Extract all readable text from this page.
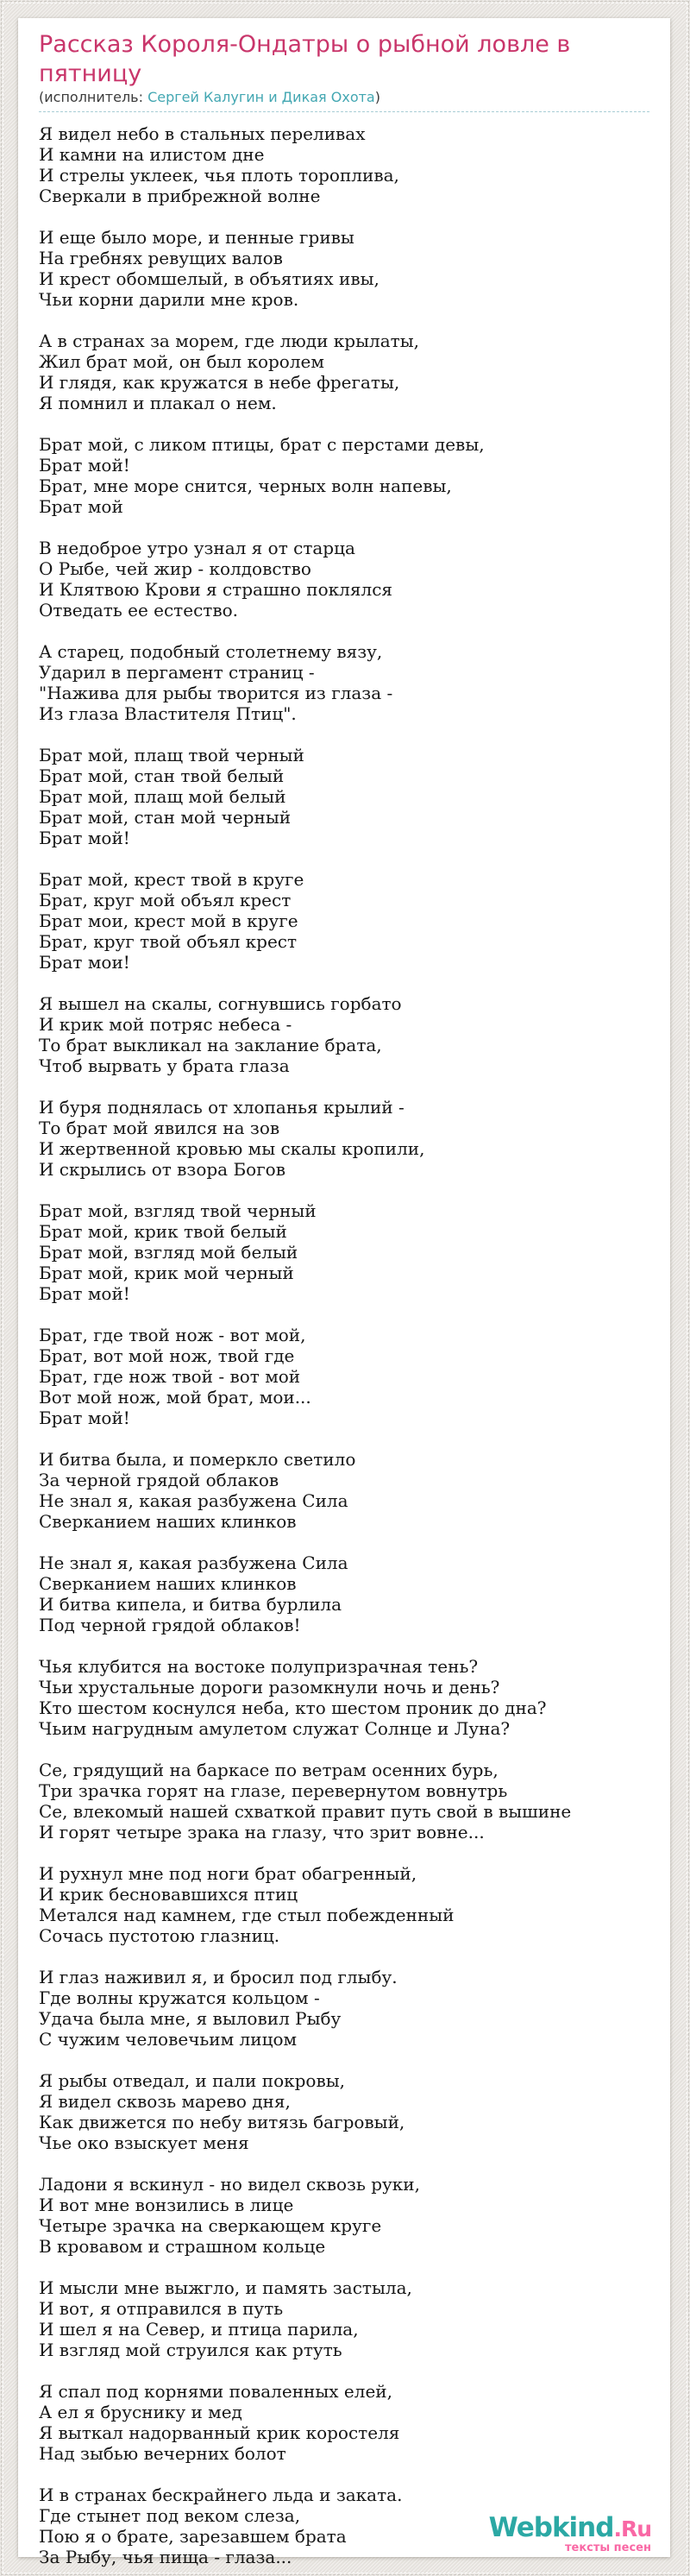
Рассказ Короля-Ондатры о рыбной ловле в пятницу
(исполнитель: Сергей Калугин и Дикая Охота)
Я видел небо в стальных переливах
И камни на илистом дне
И стрелы уклеек, чья плоть тороплива,
Сверкали в прибрежной волне
И еще было море, и пенные гривы
На гребнях ревущих валов
И крест обомшелый, в объятиях ивы,
Чьи корни дарили мне кров.
А в странах за морем, где люди крылаты,
Жил брат мой, он был королем
И глядя, как кружатся в небе фрегаты,
Я помнил и плакал о нем.
Брат мой, с ликом птицы, брат с перстами девы,
Брат мой!
Брат, мне море снится, черных волн напевы,
Брат мой
В недоброе утро узнал я от старца
О Рыбе, чей жир - колдовство
И Клятвою Крови я страшно поклялся
Отведать ее естество.
А старец, подобный столетнему вязу,
Ударил в пергамент страниц -
"Нажива для рыбы творится из глаза -
Из глаза Властителя Птиц".
Брат мой, плащ твой черный
Брат мой, стан твой белый
Брат мой, плащ мой белый
Брат мой, стан мой черный
Брат мой!
Брат мой, крест твой в круге
Брат, круг мой объял крест
Брат мои, крест мой в круге
Брат, круг твой объял крест
Брат мои!
Я вышел на скалы, согнувшись горбато
И крик мой потряс небеса -
То брат выкликал на заклание брата,
Чтоб вырвать у брата глаза
И буря поднялась от хлопанья крылий -
То брат мой явился на зов
И жертвенной кровью мы скалы кропили,
И скрылись от взора Богов
Брат мой, взгляд твой черный
Брат мой, крик твой белый
Брат мой, взгляд мой белый
Брат мой, крик мой черный
Брат мой!
Брат, где твой нож - вот мой,
Брат, вот мой нож, твой где
Брат, где нож твой - вот мой
Вот мой нож, мой брат, мои...
Брат мой!
И битва была, и померкло светило
За черной грядой облаков
Не знал я, какая разбужена Сила
Сверканием наших клинков
Не знал я, какая разбужена Сила
Сверканием наших клинков
И битва кипела, и битва бурлила
Под черной грядой облаков!
Чья клубится на востоке полупризрачная тень?
Чьи хрустальные дороги разомкнули ночь и день?
Кто шестом коснулся неба, кто шестом проник до дна?
Чьим нагрудным амулетом служат Солнце и Луна?
Се, грядущий на баркасе по ветрам осенних бурь,
Три зрачка горят на глазе, перевернутом вовнутрь
Се, влекомый нашей схваткой правит путь свой в вышине
И горят четыре зрака на глазу, что зрит вовне...
И рухнул мне под ноги брат обагренный,
И крик бесновавшихся птиц
Метался над камнем, где стыл побежденный
Сочась пустотою глазниц.
И глаз наживил я, и бросил под глыбу.
Где волны кружатся кольцом -
Удача была мне, я выловил Рыбу
С чужим человечьим лицом
Я рыбы отведал, и пали покровы,
Я видел сквозь марево дня,
Как движется по небу витязь багровый,
Чье око взыскует меня
Ладони я вскинул - но видел сквозь руки,
И вот мне вонзились в лице
Четыре зрачка на сверкающем круге
В кровавом и страшном кольце
И мысли мне выжгло, и память застыла,
И вот, я отправился в путь
И шел я на Север, и птица парила,
И взгляд мой струился как ртуть
Я спал под корнями поваленных елей,
А ел я бруснику и мед
Я выткал надорванный крик коростеля
Над зыбью вечерних болот
И в странах бескрайнего льда и заката.
Где стынет под веком слеза,
Пою я о брате, зарезавшем брата
За Рыбу, чья пища - глаза...
Webkind.Ru
тексты песен
